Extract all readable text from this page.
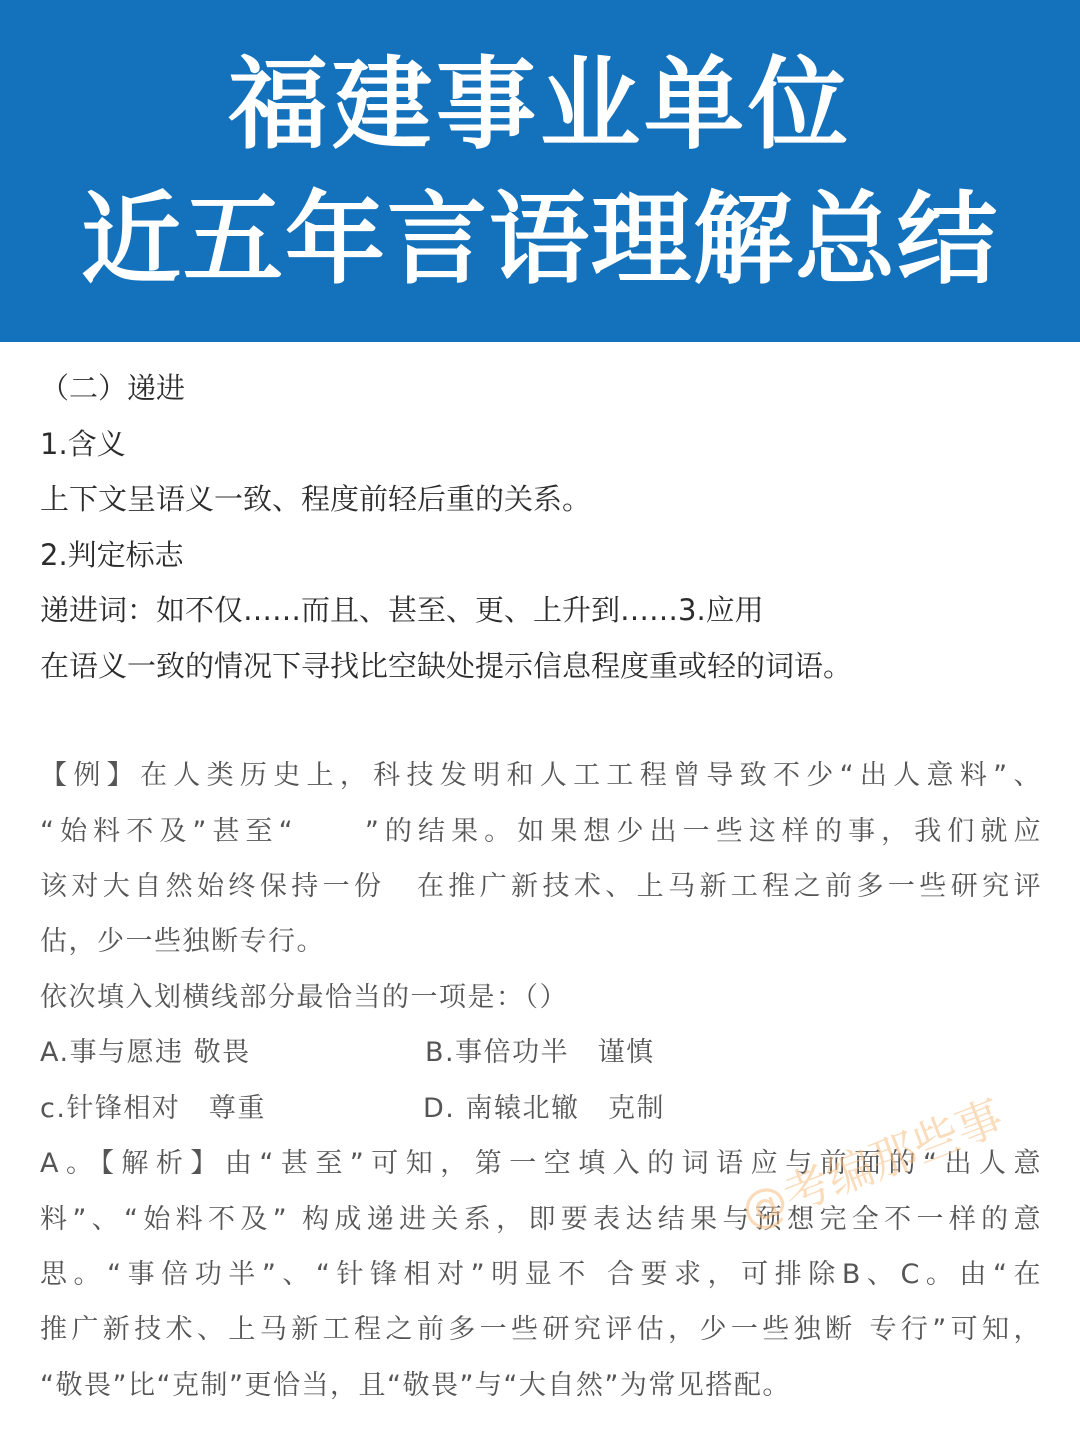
福建事业单位
近五年言语理解总结
（二）递进
1.含义
上下文呈语义一致、程度前轻后重的关系。
2.判定标志
递进词：如不仅……而且、甚至、更、上升到……3.应用
在语义一致的情况下寻找比空缺处提示信息程度重或轻的词语。
【例】在人类历史上，科技发明和人工工程曾导致不少“出人意料”、
“始料不及”甚至“　　”的结果。如果想少出一些这样的事，我们就应
该对大自然始终保持一份　在推广新技术、上马新工程之前多一些研究评
估，少一些独断专行。
依次填入划横线部分最恰当的一项是：（）
A.事与愿违 敬畏	B.事倍功半　谨慎
c.针锋相对　尊重	D. 南辕北辙　克制
A。【解析】由“甚至”可知，第一空填入的词语应与前面的“出人意
料”、“始料不及” 构成递进关系，即要表达结果与预想完全不一样的意
思。“事倍功半”、“针锋相对”明显不 合要求，可排除B、C。由“在
推广新技术、上马新工程之前多一些研究评估，少一些独断 专行”可知，
“敬畏”比“克制”更恰当，且“敬畏”与“大自然”为常见搭配。
@考编那些事
